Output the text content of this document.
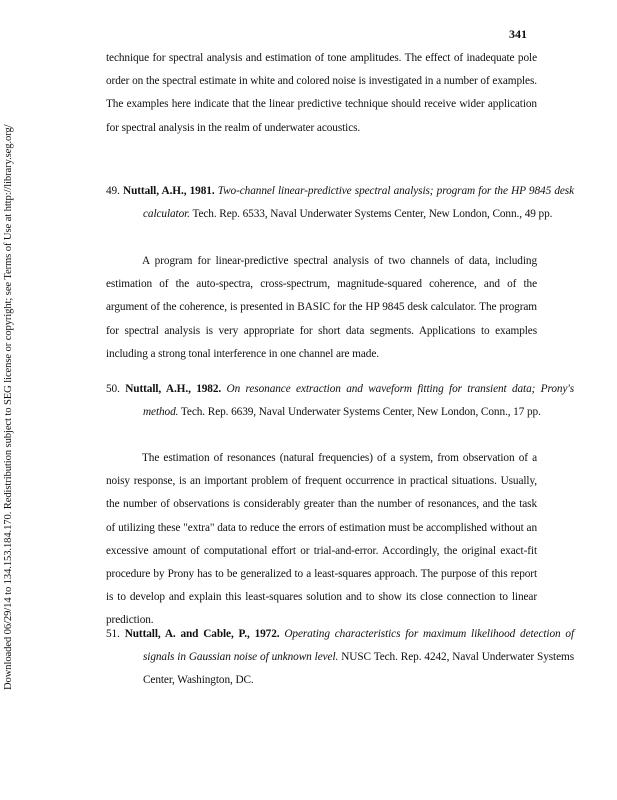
Downloaded 06/29/14 to 134.153.184.170. Redistribution subject to SEG license or copyright; see Terms of Use at http://library.seg.org/
341

technique for spectral analysis and estimation of tone amplitudes. The effect of inadequate pole order on the spectral estimate in white and colored noise is investigated in a number of examples. The examples here indicate that the linear predictive technique should receive wider application for spectral analysis in the realm of underwater acoustics.

49. Nuttall, A.H., 1981. Two-channel linear-predictive spectral analysis; program for the HP 9845 desk calculator. Tech. Rep. 6533, Naval Underwater Systems Center, New London, Conn., 49 pp.

A program for linear-predictive spectral analysis of two channels of data, including estimation of the auto-spectra, cross-spectrum, magnitude-squared coherence, and of the argument of the coherence, is presented in BASIC for the HP 9845 desk calculator. The program for spectral analysis is very appropriate for short data segments. Applications to examples including a strong tonal interference in one channel are made.

50. Nuttall, A.H., 1982. On resonance extraction and waveform fitting for transient data; Prony's method. Tech. Rep. 6639, Naval Underwater Systems Center, New London, Conn., 17 pp.

The estimation of resonances (natural frequencies) of a system, from observation of a noisy response, is an important problem of frequent occurrence in practical situations. Usually, the number of observations is considerably greater than the number of resonances, and the task of utilizing these "extra" data to reduce the errors of estimation must be accomplished without an excessive amount of computational effort or trial-and-error. Accordingly, the original exact-fit procedure by Prony has to be generalized to a least-squares approach. The purpose of this report is to develop and explain this least-squares solution and to show its close connection to linear prediction.

51. Nuttall, A. and Cable, P., 1972. Operating characteristics for maximum likelihood detection of signals in Gaussian noise of unknown level. NUSC Tech. Rep. 4242, Naval Underwater Systems Center, Washington, DC.
